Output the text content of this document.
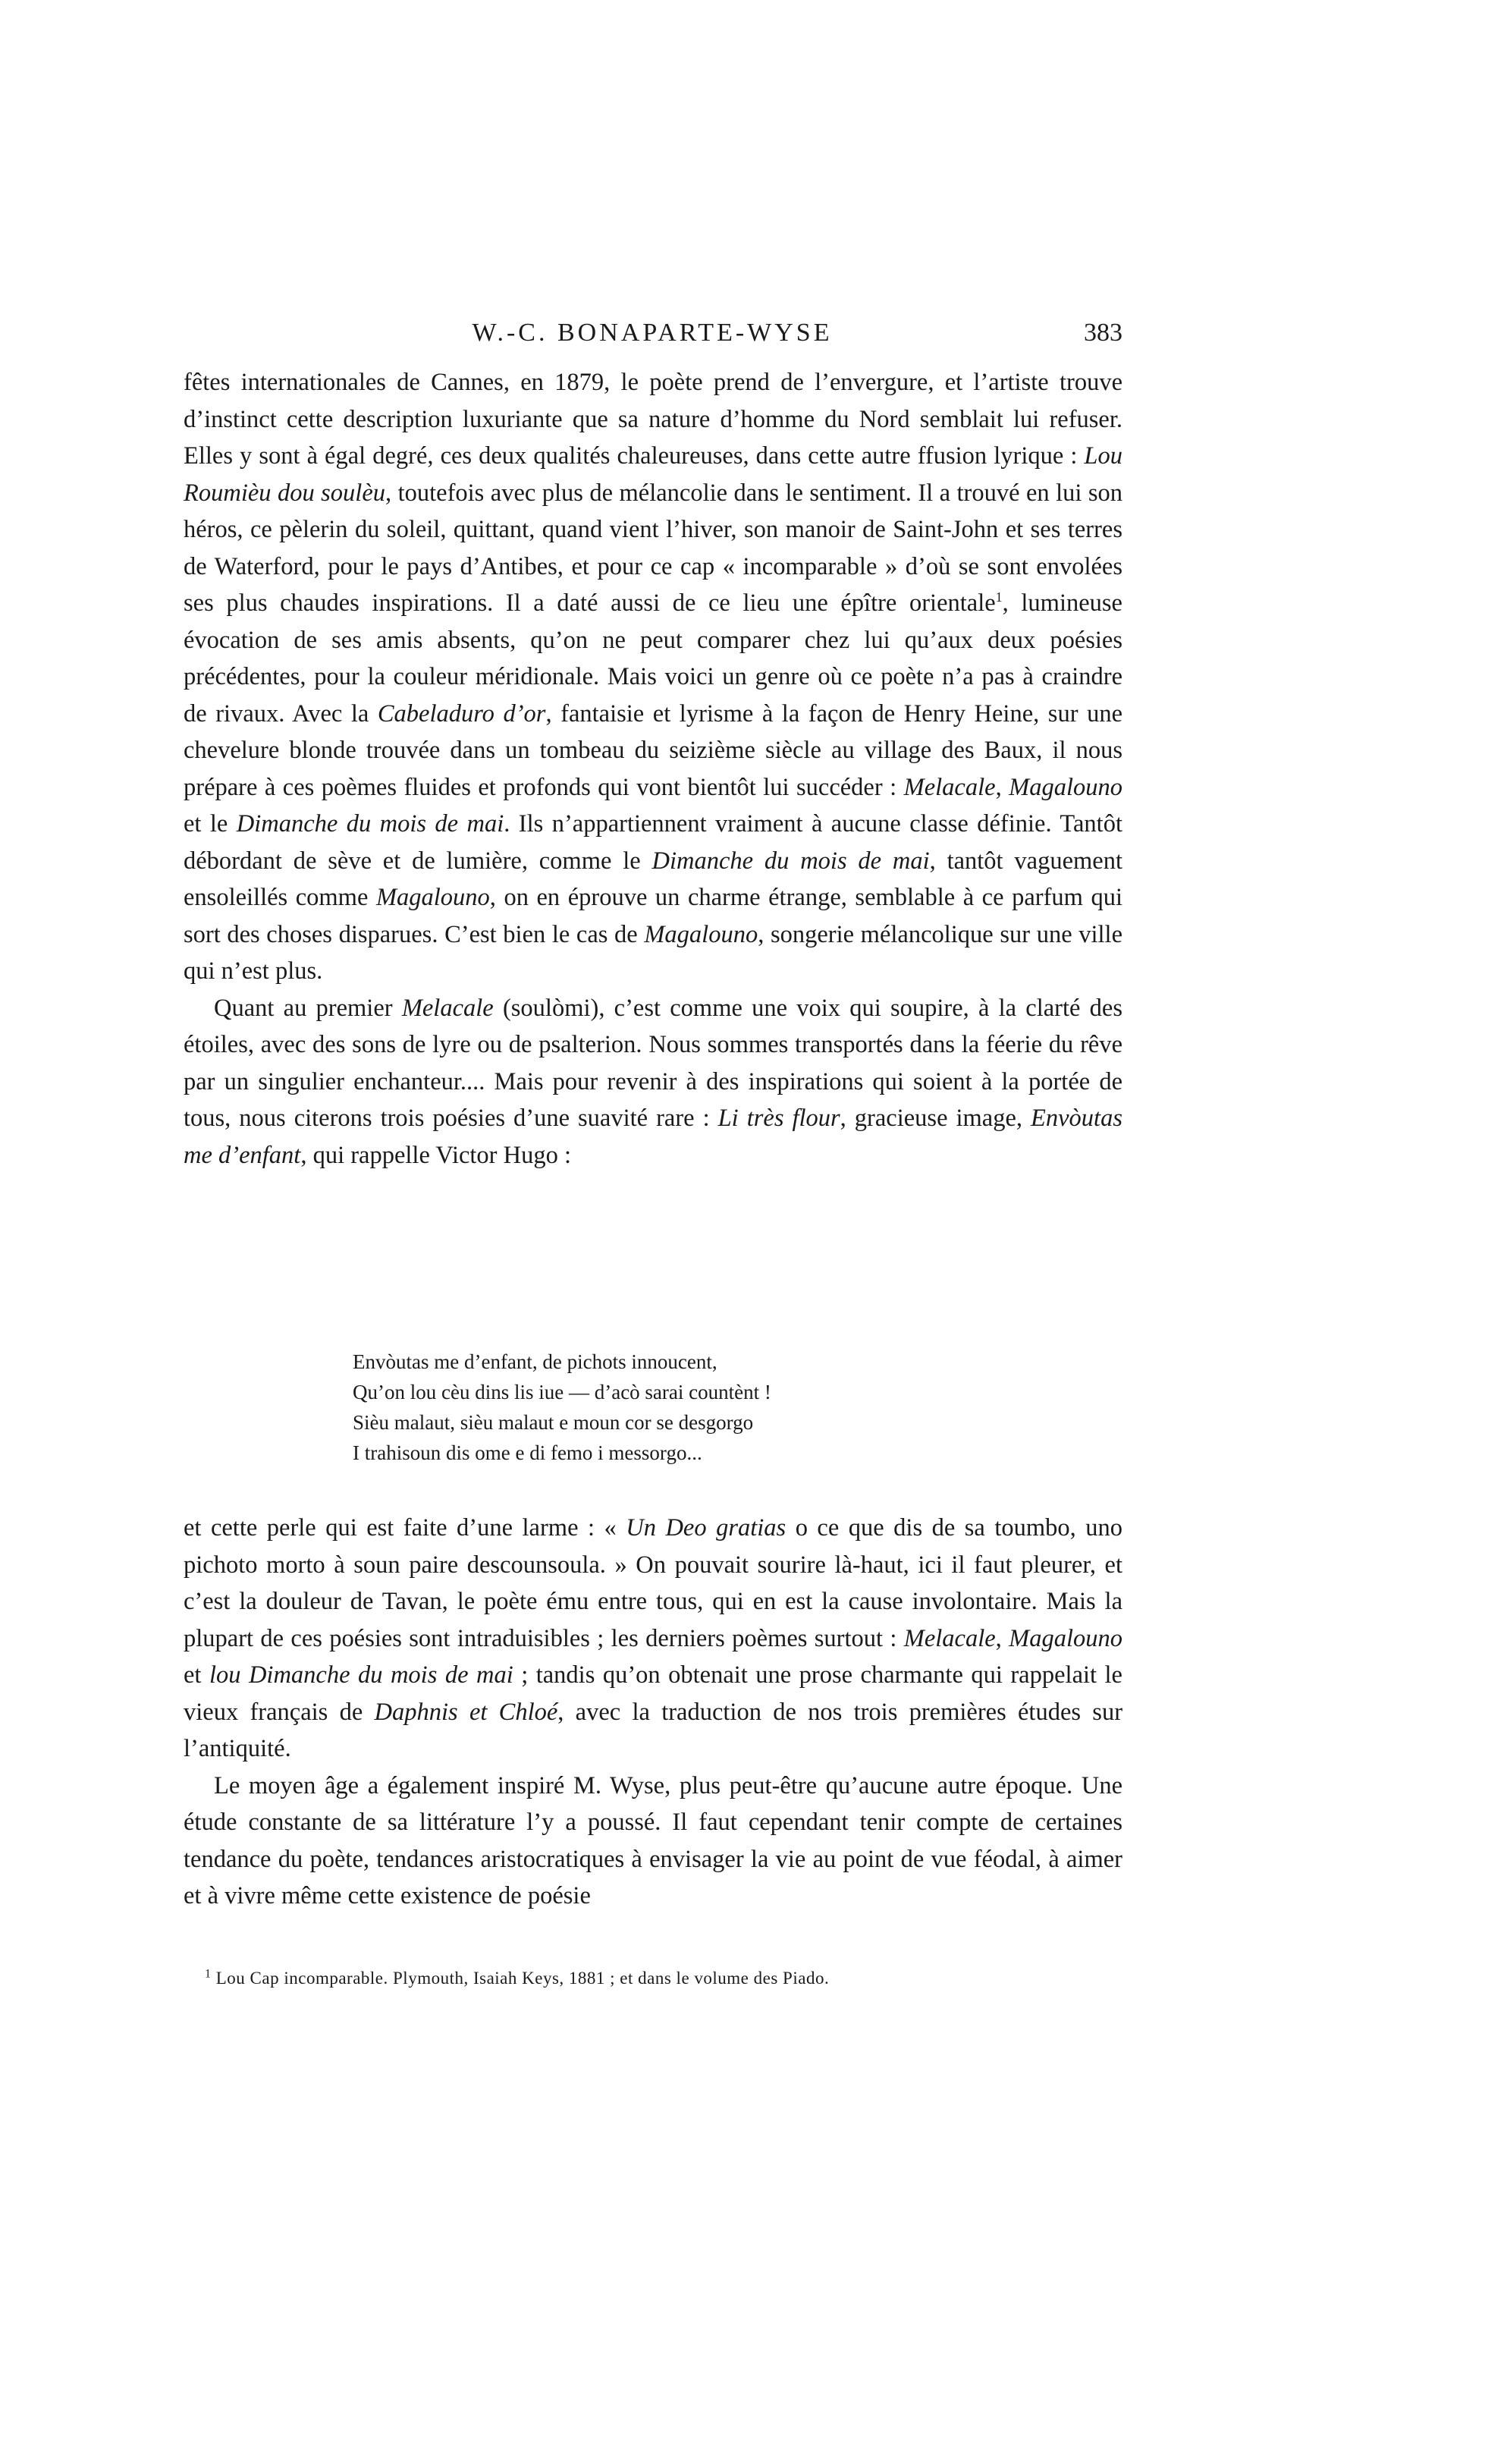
W.-C. BONAPARTE-WYSE	383

fêtes internationales de Cannes, en 1879, le poète prend de l’envergure, et l’artiste trouve d’instinct cette description luxuriante que sa nature d’homme du Nord semblait lui refuser. Elles y sont à égal degré, ces deux qualités chaleureuses, dans cette autre ffusion lyrique : Lou Roumièu dou soulèu, toutefois avec plus de mélancolie dans le sentiment. Il a trouvé en lui son héros, ce pèlerin du soleil, quittant, quand vient l’hiver, son manoir de Saint-John et ses terres de Waterford, pour le pays d’Antibes, et pour ce cap « incomparable » d’où se sont envolées ses plus chaudes inspirations. Il a daté aussi de ce lieu une épître orientale$^1$, lumineuse évocation de ses amis absents, qu’on ne peut comparer chez lui qu’aux deux poésies précédentes, pour la couleur méridionale. Mais voici un genre où ce poète n’a pas à craindre de rivaux. Avec la Cabeladuro d’or, fantaisie et lyrisme à la façon de Henry Heine, sur une chevelure blonde trouvée dans un tombeau du seizième siècle au village des Baux, il nous prépare à ces poèmes fluides et profonds qui vont bientôt lui succéder : Melacale, Magalouno et le Dimanche du mois de mai. Ils n’appartiennent vraiment à aucune classe définie. Tantôt débordant de sève et de lumière, comme le Dimanche du mois de mai, tantôt vaguement ensoleillés comme Magalouno, on en éprouve un charme étrange, semblable à ce parfum qui sort des choses disparues. C’est bien le cas de Magalouno, songerie mélancolique sur une ville qui n’est plus.

Quant au premier Melacale (soulòmi), c’est comme une voix qui soupire, à la clarté des étoiles, avec des sons de lyre ou de psalterion. Nous sommes transportés dans la féerie du rêve par un singulier enchanteur.... Mais pour revenir à des inspirations qui soient à la portée de tous, nous citerons trois poésies d’une suavité rare : Li très flour, gracieuse image, Envòutas me d’enfant, qui rappelle Victor Hugo :

Envòutas me d’enfant, de pichots innoucent,
Qu’on lou cèu dins lis iue — d’acò sarai countènt !
Sièu malaut, sièu malaut e moun cor se desgorgo
I trahisoun dis ome e di femo i messorgo...

et cette perle qui est faite d’une larme : « Un Deo gratias o ce que dis de sa toumbo, uno pichoto morto à soun paire descounsoula. » On pouvait sourire là-haut, ici il faut pleurer, et c’est la douleur de Tavan, le poète ému entre tous, qui en est la cause involontaire. Mais la plupart de ces poésies sont intraduisibles ; les derniers poèmes surtout : Melacale, Magalouno et lou Dimanche du mois de mai ; tandis qu’on obtenait une prose charmante qui rappelait le vieux français de Daphnis et Chloé, avec la traduction de nos trois premières études sur l’antiquité.

Le moyen âge a également inspiré M. Wyse, plus peut-être qu’aucune autre époque. Une étude constante de sa littérature l’y a poussé. Il faut cependant tenir compte de certaines tendance du poète, tendances aristocratiques à envisager la vie au point de vue féodal, à aimer et à vivre même cette existence de poésie

$^1$ Lou Cap incomparable. Plymouth, Isaiah Keys, 1881 ; et dans le volume des Piado.
